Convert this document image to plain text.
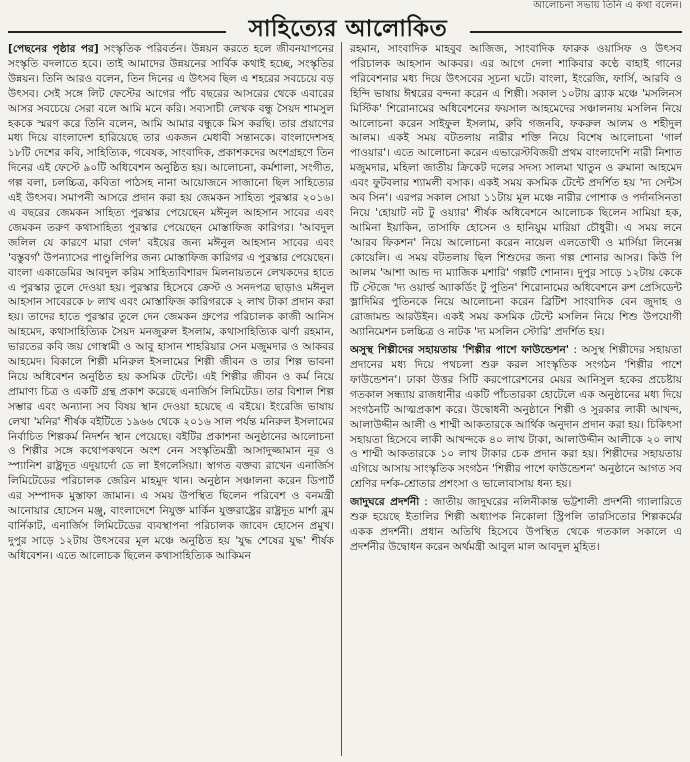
আলোচনা সভায় তিনি এ কথা বলেন।
সাহিত্যের আলোকিত

[পেছনের পৃষ্ঠার পর] সংস্কৃতিক পরিবর্তন। উন্নয়ন করতে হলে জীবনযাপনের সংস্কৃতি বদলাতে হবে। তাই আমাদের উন্নয়নের সার্বিক কথাই হচ্ছে, সংস্কৃতির উন্নয়ন। তিনি আরও বলেন, তিন দিনের এ উৎসব ছিল এ শহরের সবচেয়ে বড় উৎসব। সেই সঙ্গে লিট ফেস্টের আগের পাঁচ বছরের আসরের থেকে এবারের আসর সবচেয়ে সেরা বলে আমি মনে করি। সব্যসাচী লেখক বন্ধু সৈয়দ শামসুল হককে স্মরণ করে তিনি বলেন, আমি আমার বন্ধুকে মিস করছি। তার প্রয়াণের মধ্য দিয়ে বাংলাদেশ হারিয়েছে তার একজন মেধাবী সন্তানকে। বাংলাদেশসহ ১৮টি দেশের কবি, সাহিত্যিক, গবেষক, সাংবাদিক, প্রকাশকদের অংশগ্রহণে তিন দিনের এই ফেস্টে ৯০টি অধিবেশন অনুষ্ঠিত হয়। আলোচনা, কর্মশালা, সংগীত, গল্প বলা, চলচ্চিত্র, কবিতা পাঠসহ নানা আয়োজনে সাজানো ছিল সাহিত্যের এই উৎসব। সমাপনী আসরে প্রদান করা হয় জেমকন সাহিত্য পুরস্কার ২০১৬। এ বছরের জেমকন সাহিত্য পুরস্কার পেয়েছেন মঈনুল আহসান সাবের এবং জেমকন তরুণ কথাসাহিত্য পুরস্কার পেয়েছেন মোস্তাফিজ কারিগর। 'আবদুল জলিল যে কারণে মারা গেল' বইয়ের জন্য মঈনুল আহসান সাবের এবং 'বস্তুবর্গ' উপন্যাসের পাণ্ডুলিপির জন্য মোস্তাফিজ কারিগর এ পুরস্কার পেয়েছেন। বাংলা একাডেমির আবদুল করিম সাহিত্যবিশারদ মিলনায়তনে লেখকদের হাতে এ পুরস্কার তুলে দেওয়া হয়। পুরস্কার হিসেবে ক্রেস্ট ও সনদপত্র ছাড়াও মঈনুল আহসান সাবেরকে ৮ লাখ এবং মোস্তাফিজ কারিগরকে ২ লাখ টাকা প্রদান করা হয়। তাদের হাতে পুরস্কার তুলে দেন জেমকন গ্রুপের পরিচালক কাজী আনিস আহমেদ, কথাসাহিত্যিক সৈয়দ মনজুরুল ইসলাম, কথাসাহিত্যিক ঝর্ণা রহমান, ভারতের কবি জয় গোস্বামী ও আবু হাসান শাহরিয়ার সেন মজুমদার ও আকবর আহমেদ। বিকালে শিল্পী মনিরুল ইসলামের শিল্পী জীবন ও তার শিল্প ভাবনা নিয়ে অধিবেশন অনুষ্ঠিত হয় কসমিক টেন্টে। এই শিল্পীর জীবন ও কর্ম নিয়ে প্রামাণ্য চিত্র ও একটি গ্রন্থ প্রকাশ করেছে এনার্জিস লিমিটেড। তার বিশাল শিল্প সম্ভার এবং অন্যান্য সব বিষয় স্থান দেওয়া হয়েছে এ বইয়ে। ইংরেজি ভাষায় লেখা 'মনির' শীর্ষক বইটিতে ১৯৬৬ থেকে ২০১৬ সাল পর্যন্ত মনিরুল ইসলামের নির্বাচিত শিল্পকর্ম নিদর্শন স্থান পেয়েছে। বইটির প্রকাশনা অনুষ্ঠানের আলোচনা ও শিল্পীর সঙ্গে কথোপকথনে অংশ নেন সংস্কৃতিমন্ত্রী আসাদুজ্জামান নূর ও স্প্যানিশ রাষ্ট্রদূত এদুয়ার্দো ডে লা ইগলেসিয়া। স্বাগত বক্তব্য রাখেন এনার্জিস লিমিটেডের পরিচালক জেরিন মাহমুদ খান। অনুষ্ঠান সঞ্চালনা করেন ডিপার্ট এর সম্পাদক মুস্তাফা জামান। এ সময় উপস্থিত ছিলেন পরিবেশ ও বনমন্ত্রী আনোয়ার হোসেন মঞ্জু, বাংলাদেশে নিযুক্ত মার্কিন যুক্তরাষ্ট্রের রাষ্ট্রদূত মার্শা ব্লুম বার্নিকাট, এনার্জিস লিমিটেডের ব্যবস্থাপনা পরিচালক জাবেদ হোসেন প্রমুখ। দুপুর সাড়ে ১২টায় উৎসবের মূল মঞ্চে অনুষ্ঠিত হয় 'যুদ্ধ শেষের যুদ্ধ' শীর্ষক অধিবেশন। এতে আলোচক ছিলেন কথাসাহিত্যিক আকিমন

রহমান, সাংবাদিক মাহবুব আজিজ, সাংবাদিক ফারুক ওয়াসিফ ও উৎসব পরিচালক আহসান আকবর। এর আগে দেলা শাকিবার কণ্ঠে বাহাই গানের পরিবেশনার মধ্য দিয়ে উৎসবের সূচনা ঘটে। বাংলা, ইংরেজি, ফার্সি, আরবি ও হিন্দি ভাষায় ঈশ্বরের বন্দনা করেন এ শিল্পী। সকাল ১০টায় ব্র্যাক মঞ্চে 'মসলিনস মিস্টিক' শিরোনামের অধিবেশনের ফয়সাল আহমেদের সঞ্চালনায় মসলিন নিয়ে আলোচনা করেন সাইফুল ইসলাম, রুবি গজনবি, ফকরুল আলম ও শহীদুল আলম। একই সময় বটতলায় নারীর শক্তি নিয়ে বিশেষ আলোচনা 'গার্ল পাওয়ার'। এতে আলোচনা করেন এভারেস্টবিজয়ী প্রথম বাংলাদেশি নারী নিশাত মজুমদার, মহিলা জাতীয় ক্রিকেট দলের সদস্য সালমা খাতুন ও রুমানা আহমেদ এবং ফুটবলার শ্যামলী বসাক। একই সময় কসমিক টেন্টে প্রদর্শিত হয় 'দ্য সেন্টস অব সিন'। এরপর সকাল সোয়া ১১টায় মূল মঞ্চে নারীর পোশাক ও পর্দানসিনতা নিয়ে 'হোয়াট নট টু ওয়্যার' শীর্ষক অধিবেশনে আলোচক ছিলেন সামিয়া হক, আমিনা ইয়াকিন, তাসাফি হোসেন ও হানিয়ুম মারিয়া চৌধুরী। এ সময় লনে 'আরব ফিকশন' নিয়ে আলোচনা করেন নায়েল এলতোখী ও মার্সিয়া লিনেক্স কোয়েলি। এ সময় বটতলায় ছিল শিশুদের জন্য গল্প শোনার আসর। কিউ পি আলম 'আশা আন্ড দ্য ম্যাজিক মশারি' গল্পটি শোনান। দুপুর সাড়ে ১২টায় কেকে টি স্টেজে 'দ্য ওয়ার্ল্ড অ্যাকর্ডিং টু পুতিন' শিরোনামের অধিবেশনে রুশ প্রেসিডেন্ট ভ্লাদিমির পুতিনকে নিয়ে আলোচনা করেন ব্রিটিশ সাংবাদিক বেন জুদাহ ও রোজামন্ড আরউইন। একই সময় কসমিক টেন্টে মসলিন নিয়ে শিশু উপযোগী অ্যানিমেশন চলচ্চিত্র ও নাটক 'দ্য মসলিন স্টোরি' প্রদর্শিত হয়।

অসুস্থ শিল্পীদের সহায়তায় 'শিল্পীর পাশে ফাউন্ডেশন' : অসুস্থ শিল্পীদের সহায়তা প্রদানের মধ্য দিয়ে পথচলা শুরু করল সাংস্কৃতিক সংগঠন 'শিল্পীর পাশে ফাউন্ডেশন'। ঢাকা উত্তর সিটি করপোরেশনের মেয়র আনিসুল হকের প্রচেষ্টায় গতকাল সন্ধ্যায় রাজধানীর একটি পাঁচতারকা হোটেলে এক অনুষ্ঠানের মধ্য দিয়ে সংগঠনটি আত্মপ্রকাশ করে। উদ্বোধনী অনুষ্ঠানে শিল্পী ও সুরকার লাকী আখন্দ, আলাউদ্দীন আলী ও শাম্মী আকতারকে আর্থিক অনুদান প্রদান করা হয়। চিকিৎসা সহায়তা হিসেবে লাকী আখন্দকে ৪০ লাখ টাকা, আলাউদ্দীন আলীকে ২০ লাখ ও শাম্মী আকতারকে ১০ লাখ টাকার চেক প্রদান করা হয়। শিল্পীদের সহায়তায় এগিয়ে আসায় সাংস্কৃতিক সংগঠন 'শিল্পীর পাশে ফাউন্ডেশন' অনুষ্ঠানে আগত সব শ্রেণির দর্শক-শ্রোতার প্রশংসা ও ভালোবাসায় ধন্য হয়।

জাদুঘরে প্রদর্শনী : জাতীয় জাদুঘরের নলিনীকান্ত ভট্টশালী প্রদর্শনী গ্যালারিতে শুরু হয়েছে ইতালির শিল্পী অধ্যাপক নিকোলা স্ট্রিপলি তারসিতোর শিল্পকর্মের একক প্রদর্শনী। প্রধান অতিথি হিসেবে উপস্থিত থেকে গতকাল সকালে এ প্রদর্শনীর উদ্বোধন করেন অর্থমন্ত্রী আবুল মাল আবদুল মুহিত।
